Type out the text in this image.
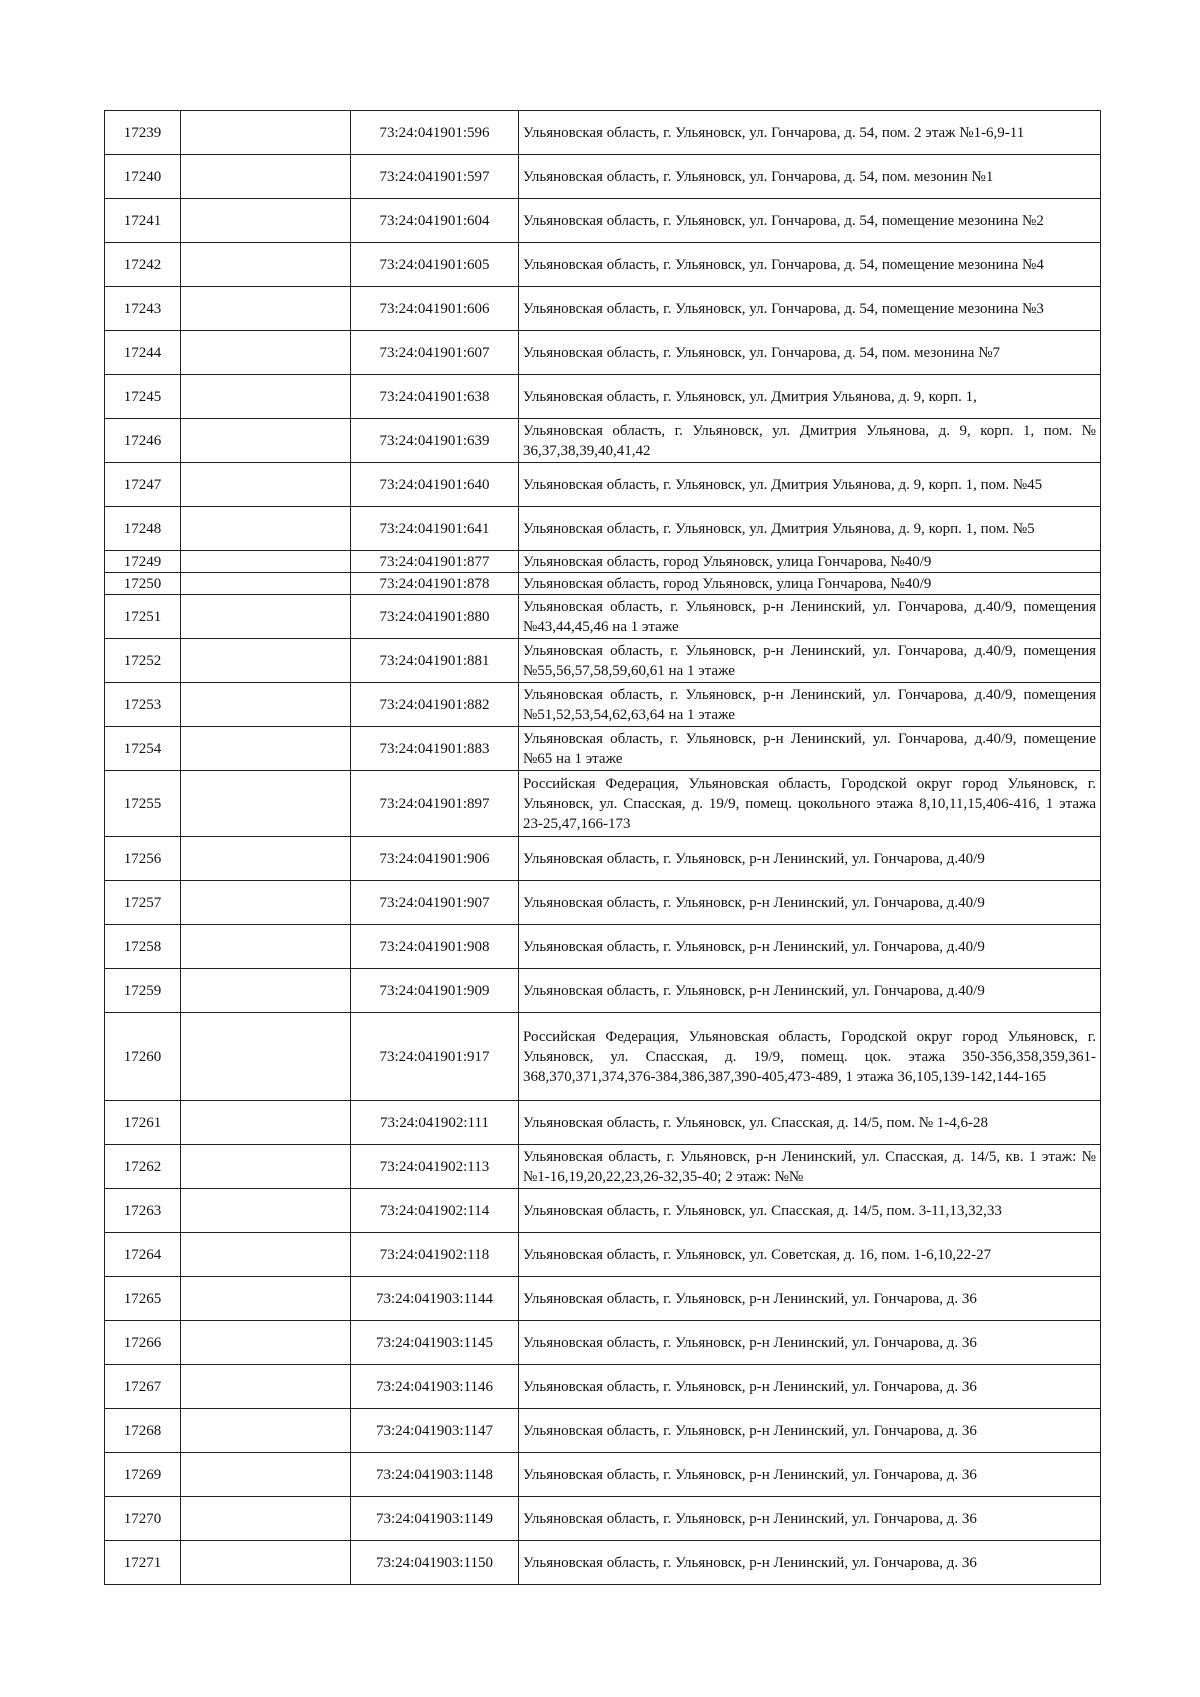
17239		73:24:041901:596	Ульяновская область, г. Ульяновск, ул. Гончарова, д. 54, пом. 2 этаж №1-6,9-11
17240		73:24:041901:597	Ульяновская область, г. Ульяновск, ул. Гончарова, д. 54, пом. мезонин №1
17241		73:24:041901:604	Ульяновская область, г. Ульяновск, ул. Гончарова, д. 54, помещение мезонина №2
17242		73:24:041901:605	Ульяновская область, г. Ульяновск, ул. Гончарова, д. 54, помещение мезонина №4
17243		73:24:041901:606	Ульяновская область, г. Ульяновск, ул. Гончарова, д. 54, помещение мезонина №3
17244		73:24:041901:607	Ульяновская область, г. Ульяновск, ул. Гончарова, д. 54, пом. мезонина №7
17245		73:24:041901:638	Ульяновская область, г. Ульяновск, ул. Дмитрия Ульянова, д. 9, корп. 1,
17246		73:24:041901:639	Ульяновская область, г. Ульяновск, ул. Дмитрия Ульянова, д. 9, корп. 1, пом. № 36,37,38,39,40,41,42
17247		73:24:041901:640	Ульяновская область, г. Ульяновск, ул. Дмитрия Ульянова, д. 9, корп. 1, пом. №45
17248		73:24:041901:641	Ульяновская область, г. Ульяновск, ул. Дмитрия Ульянова, д. 9, корп. 1, пом. №5
17249		73:24:041901:877	Ульяновская область, город Ульяновск, улица Гончарова, №40/9
17250		73:24:041901:878	Ульяновская область, город Ульяновск, улица Гончарова, №40/9
17251		73:24:041901:880	Ульяновская область, г. Ульяновск, р-н Ленинский, ул. Гончарова, д.40/9, помещения №43,44,45,46 на 1 этаже
17252		73:24:041901:881	Ульяновская область, г. Ульяновск, р-н Ленинский, ул. Гончарова, д.40/9, помещения №55,56,57,58,59,60,61 на 1 этаже
17253		73:24:041901:882	Ульяновская область, г. Ульяновск, р-н Ленинский, ул. Гончарова, д.40/9, помещения №51,52,53,54,62,63,64 на 1 этаже
17254		73:24:041901:883	Ульяновская область, г. Ульяновск, р-н Ленинский, ул. Гончарова, д.40/9, помещение №65 на 1 этаже
17255		73:24:041901:897	Российская Федерация, Ульяновская область, Городской округ город Ульяновск, г. Ульяновск, ул. Спасская, д. 19/9, помещ. цокольного этажа 8,10,11,15,406-416, 1 этажа 23-25,47,166-173
17256		73:24:041901:906	Ульяновская область, г. Ульяновск, р-н Ленинский, ул. Гончарова, д.40/9
17257		73:24:041901:907	Ульяновская область, г. Ульяновск, р-н Ленинский, ул. Гончарова, д.40/9
17258		73:24:041901:908	Ульяновская область, г. Ульяновск, р-н Ленинский, ул. Гончарова, д.40/9
17259		73:24:041901:909	Ульяновская область, г. Ульяновск, р-н Ленинский, ул. Гончарова, д.40/9
17260		73:24:041901:917	Российская Федерация, Ульяновская область, Городской округ город Ульяновск, г. Ульяновск, ул. Спасская, д. 19/9, помещ. цок. этажа 350-356,358,359,361-368,370,371,374,376-384,386,387,390-405,473-489, 1 этажа 36,105,139-142,144-165
17261		73:24:041902:111	Ульяновская область, г. Ульяновск, ул. Спасская, д. 14/5, пом. № 1-4,6-28
17262		73:24:041902:113	Ульяновская область, г. Ульяновск, р-н Ленинский, ул. Спасская, д. 14/5, кв. 1 этаж: №№1-16,19,20,22,23,26-32,35-40; 2 этаж: №№
17263		73:24:041902:114	Ульяновская область, г. Ульяновск, ул. Спасская, д. 14/5, пом. 3-11,13,32,33
17264		73:24:041902:118	Ульяновская область, г. Ульяновск, ул. Советская, д. 16, пом. 1-6,10,22-27
17265		73:24:041903:1144	Ульяновская область, г. Ульяновск, р-н Ленинский, ул. Гончарова, д. 36
17266		73:24:041903:1145	Ульяновская область, г. Ульяновск, р-н Ленинский, ул. Гончарова, д. 36
17267		73:24:041903:1146	Ульяновская область, г. Ульяновск, р-н Ленинский, ул. Гончарова, д. 36
17268		73:24:041903:1147	Ульяновская область, г. Ульяновск, р-н Ленинский, ул. Гончарова, д. 36
17269		73:24:041903:1148	Ульяновская область, г. Ульяновск, р-н Ленинский, ул. Гончарова, д. 36
17270		73:24:041903:1149	Ульяновская область, г. Ульяновск, р-н Ленинский, ул. Гончарова, д. 36
17271		73:24:041903:1150	Ульяновская область, г. Ульяновск, р-н Ленинский, ул. Гончарова, д. 36
